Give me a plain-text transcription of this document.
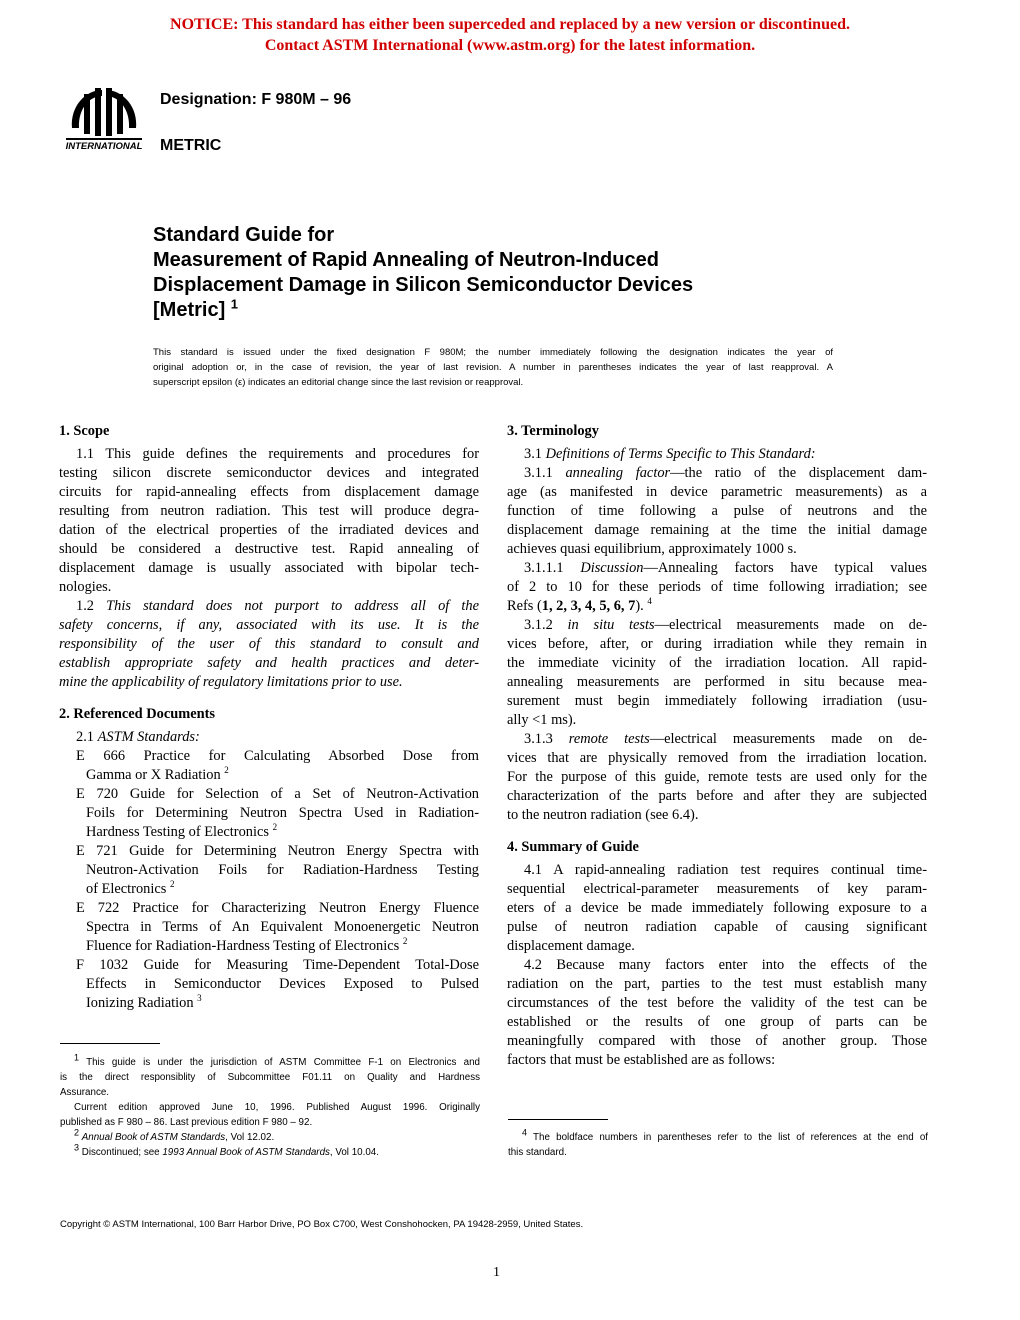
NOTICE: This standard has either been superceded and replaced by a new version or discontinued.
Contact ASTM International (www.astm.org) for the latest information.
INTERNATIONAL
Designation: F 980M – 96
METRIC
Standard Guide for
Measurement of Rapid Annealing of Neutron-Induced
Displacement Damage in Silicon Semiconductor Devices
[Metric] $^1$
This standard is issued under the fixed designation F 980M; the number immediately following the designation indicates the year of
original adoption or, in the case of revision, the year of last revision. A number in parentheses indicates the year of last reapproval. A
superscript epsilon (ε) indicates an editorial change since the last revision or reapproval.
1. Scope

1.1 This guide defines the requirements and procedures for
testing silicon discrete semiconductor devices and integrated
circuits for rapid-annealing effects from displacement damage
resulting from neutron radiation. This test will produce degra-
dation of the electrical properties of the irradiated devices and
should be considered a destructive test. Rapid annealing of
displacement damage is usually associated with bipolar tech-
nologies.

1.2 This standard does not purport to address all of the
safety concerns, if any, associated with its use. It is the
responsibility of the user of this standard to consult and
establish appropriate safety and health practices and deter-
mine the applicability of regulatory limitations prior to use.

2. Referenced Documents

2.1 ASTM Standards:

E 666 Practice for Calculating Absorbed Dose from
Gamma or X Radiation $^2$
E 720 Guide for Selection of a Set of Neutron-Activation
Foils for Determining Neutron Spectra Used in Radiation-
Hardness Testing of Electronics $^2$
E 721 Guide for Determining Neutron Energy Spectra with
Neutron-Activation Foils for Radiation-Hardness Testing
of Electronics $^2$
E 722 Practice for Characterizing Neutron Energy Fluence
Spectra in Terms of An Equivalent Monoenergetic Neutron
Fluence for Radiation-Hardness Testing of Electronics $^2$
F 1032 Guide for Measuring Time-Dependent Total-Dose
Effects in Semiconductor Devices Exposed to Pulsed
Ionizing Radiation $^3$
3. Terminology

3.1 Definitions of Terms Specific to This Standard:

3.1.1 annealing factor—the ratio of the displacement dam-
age (as manifested in device parametric measurements) as a
function of time following a pulse of neutrons and the
displacement damage remaining at the time the initial damage
achieves quasi equilibrium, approximately 1000 s.

3.1.1.1 Discussion—Annealing factors have typical values
of 2 to 10 for these periods of time following irradiation; see
Refs (1, 2, 3, 4, 5, 6, 7). $^4$

3.1.2 in situ tests—electrical measurements made on de-
vices before, after, or during irradiation while they remain in
the immediate vicinity of the irradiation location. All rapid-
annealing measurements are performed in situ because mea-
surement must begin immediately following irradiation (usu-
ally <1 ms).

3.1.3 remote tests—electrical measurements made on de-
vices that are physically removed from the irradiation location.
For the purpose of this guide, remote tests are used only for the
characterization of the parts before and after they are subjected
to the neutron radiation (see 6.4).

4. Summary of Guide

4.1 A rapid-annealing radiation test requires continual time-
sequential electrical-parameter measurements of key param-
eters of a device be made immediately following exposure to a
pulse of neutron radiation capable of causing significant
displacement damage.

4.2 Because many factors enter into the effects of the
radiation on the part, parties to the test must establish many
circumstances of the test before the validity of the test can be
established or the results of one group of parts can be
meaningfully compared with those of another group. Those
factors that must be established are as follows:

$^1$ This guide is under the jurisdiction of ASTM Committee F-1 on Electronics and
is the direct responsiblity of Subcommittee F01.11 on Quality and Hardness
Assurance.
Current edition approved June 10, 1996. Published August 1996. Originally
published as F 980 – 86. Last previous edition F 980 – 92.
$^2$ Annual Book of ASTM Standards, Vol 12.02.
$^3$ Discontinued; see 1993 Annual Book of ASTM Standards, Vol 10.04.
$^4$ The boldface numbers in parentheses refer to the list of references at the end of
this standard.
Copyright © ASTM International, 100 Barr Harbor Drive, PO Box C700, West Conshohocken, PA 19428-2959, United States.
1
